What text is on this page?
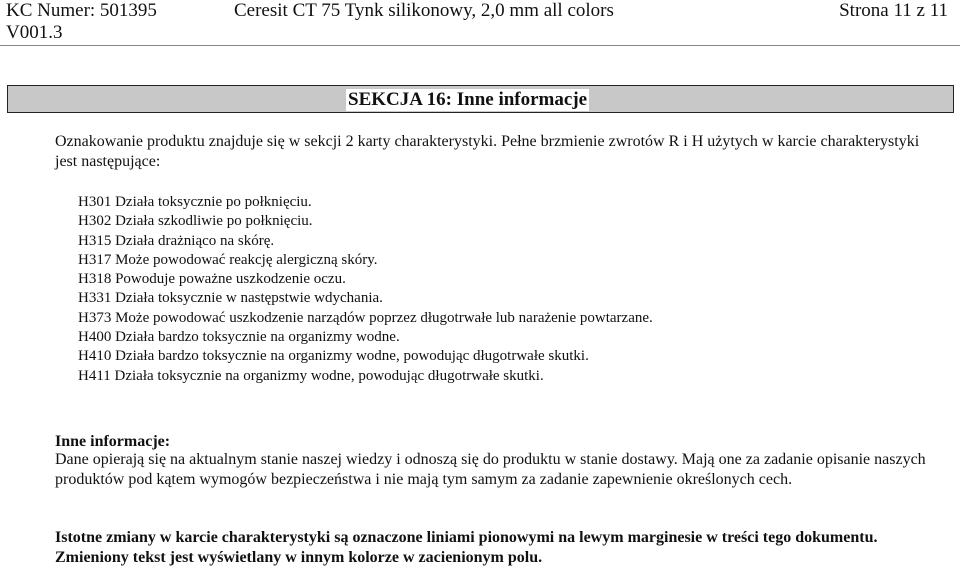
KC Numer: 501395
V001.3
Ceresit CT 75 Tynk silikonowy, 2,0 mm all colors	Strona 11 z 11
SEKCJA 16: Inne informacje
Oznakowanie produktu znajduje się w sekcji 2 karty charakterystyki. Pełne brzmienie zwrotów R i H użytych w karcie charakterystyki jest następujące:
H301 Działa toksycznie po połknięciu.
H302 Działa szkodliwie po połknięciu.
H315 Działa drażniąco na skórę.
H317 Może powodować reakcję alergiczną skóry.
H318 Powoduje poważne uszkodzenie oczu.
H331 Działa toksycznie w następstwie wdychania.
H373 Może powodować uszkodzenie narządów poprzez długotrwałe lub narażenie powtarzane.
H400 Działa bardzo toksycznie na organizmy wodne.
H410 Działa bardzo toksycznie na organizmy wodne, powodując długotrwałe skutki.
H411 Działa toksycznie na organizmy wodne, powodując długotrwałe skutki.
Inne informacje:
Dane opierają się na aktualnym stanie naszej wiedzy i odnoszą się do produktu w stanie dostawy. Mają one za zadanie opisanie naszych produktów pod kątem wymogów bezpieczeństwa i nie mają tym samym za zadanie zapewnienie określonych cech.
Istotne zmiany w karcie charakterystyki są oznaczone liniami pionowymi na lewym marginesie w treści tego dokumentu.
Zmieniony tekst jest wyświetlany w innym kolorze w zacienionym polu.
